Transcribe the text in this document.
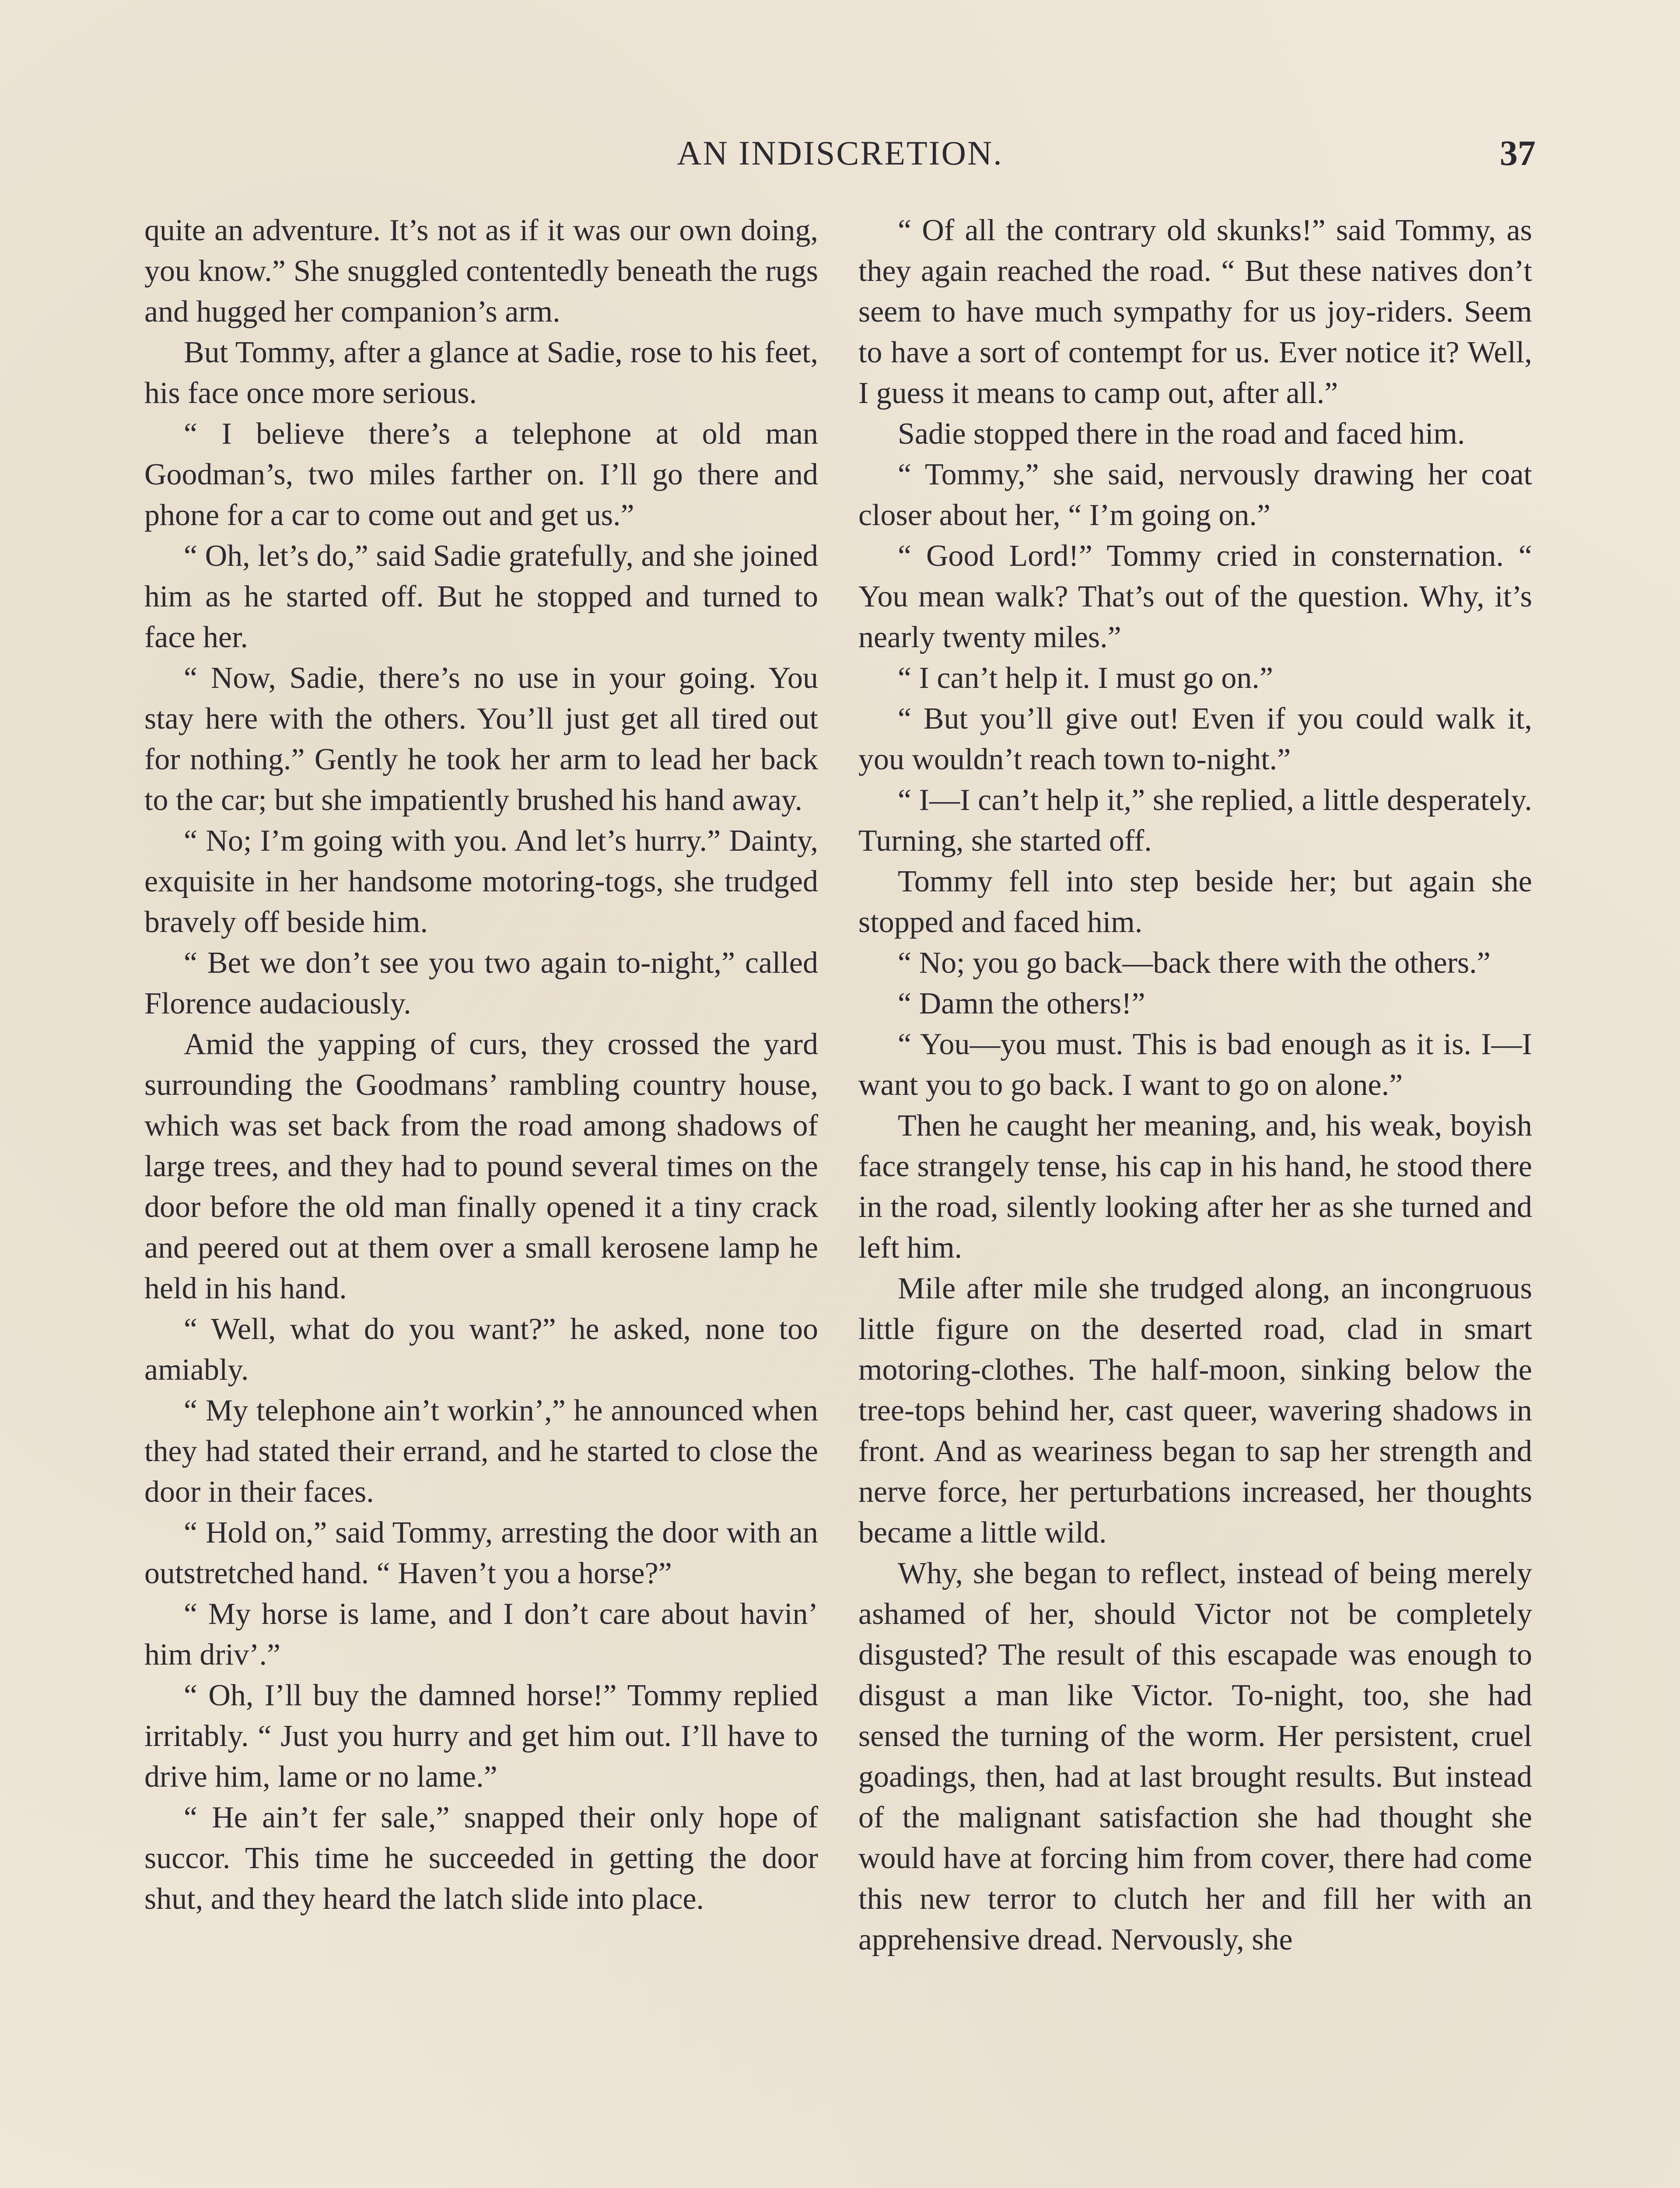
AN INDISCRETION.	37

quite an adventure. It’s not as if it was our own doing, you know.” She snuggled contentedly beneath the rugs and hugged her companion’s arm.

But Tommy, after a glance at Sadie, rose to his feet, his face once more serious.

“ I believe there’s a telephone at old man Goodman’s, two miles farther on. I’ll go there and phone for a car to come out and get us.”

“ Oh, let’s do,” said Sadie gratefully, and she joined him as he started off. But he stopped and turned to face her.

“ Now, Sadie, there’s no use in your going. You stay here with the others. You’ll just get all tired out for nothing.” Gently he took her arm to lead her back to the car; but she impatiently brushed his hand away.

“ No; I’m going with you. And let’s hurry.” Dainty, exquisite in her handsome motoring-togs, she trudged bravely off beside him.

“ Bet we don’t see you two again to-night,” called Florence audaciously.

Amid the yapping of curs, they crossed the yard surrounding the Goodmans’ rambling country house, which was set back from the road among shadows of large trees, and they had to pound several times on the door before the old man finally opened it a tiny crack and peered out at them over a small kerosene lamp he held in his hand.

“ Well, what do you want?” he asked, none too amiably.

“ My telephone ain’t workin’,” he announced when they had stated their errand, and he started to close the door in their faces.

“ Hold on,” said Tommy, arresting the door with an outstretched hand. “ Haven’t you a horse?”

“ My horse is lame, and I don’t care about havin’ him driv’.”

“ Oh, I’ll buy the damned horse!” Tommy replied irritably. “ Just you hurry and get him out. I’ll have to drive him, lame or no lame.”

“ He ain’t fer sale,” snapped their only hope of succor. This time he succeeded in getting the door shut, and they heard the latch slide into place.

“ Of all the contrary old skunks!” said Tommy, as they again reached the road. “ But these natives don’t seem to have much sympathy for us joy-riders. Seem to have a sort of contempt for us. Ever notice it? Well, I guess it means to camp out, after all.”

Sadie stopped there in the road and faced him.

“ Tommy,” she said, nervously drawing her coat closer about her, “ I’m going on.”

“ Good Lord!” Tommy cried in consternation. “ You mean walk? That’s out of the question. Why, it’s nearly twenty miles.”

“ I can’t help it. I must go on.”

“ But you’ll give out! Even if you could walk it, you wouldn’t reach town to-night.”

“ I—I can’t help it,” she replied, a little desperately. Turning, she started off.

Tommy fell into step beside her; but again she stopped and faced him.

“ No; you go back—back there with the others.”

“ Damn the others!”

“ You—you must. This is bad enough as it is. I—I want you to go back. I want to go on alone.”

Then he caught her meaning, and, his weak, boyish face strangely tense, his cap in his hand, he stood there in the road, silently looking after her as she turned and left him.

Mile after mile she trudged along, an incongruous little figure on the deserted road, clad in smart motoring-clothes. The half-moon, sinking below the tree-tops behind her, cast queer, wavering shadows in front. And as weariness began to sap her strength and nerve force, her perturbations increased, her thoughts became a little wild.

Why, she began to reflect, instead of being merely ashamed of her, should Victor not be completely disgusted? The result of this escapade was enough to disgust a man like Victor. To-night, too, she had sensed the turning of the worm. Her persistent, cruel goadings, then, had at last brought results. But instead of the malignant satisfaction she had thought she would have at forcing him from cover, there had come this new terror to clutch her and fill her with an apprehensive dread. Nervously, she
